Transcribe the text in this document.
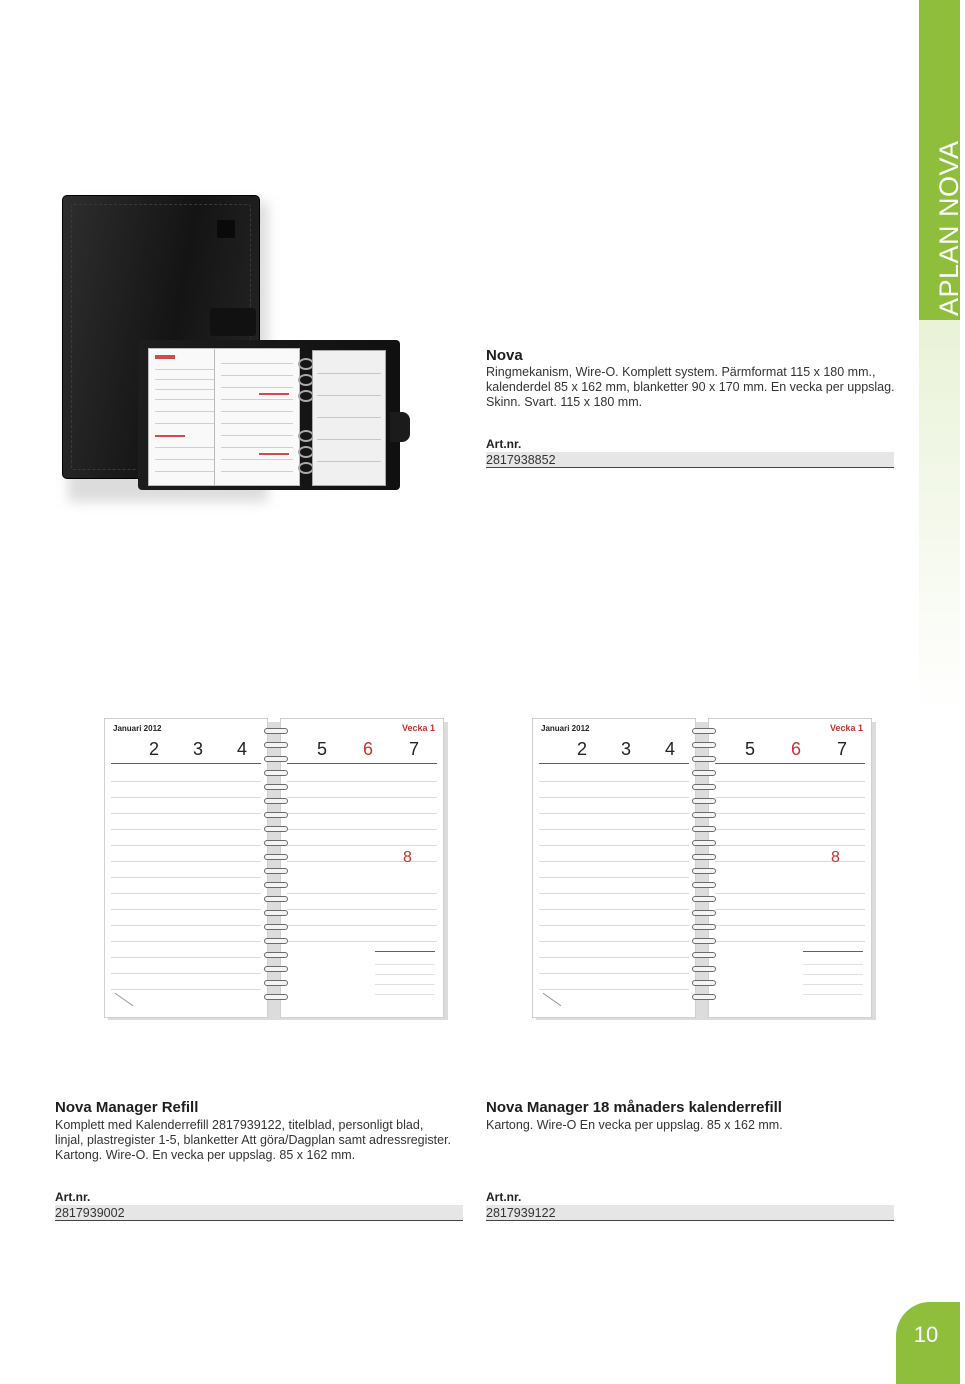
APLAN NOVA
Nova
Ringmekanism, Wire-O. Komplett system. Pärmformat 115 x 180 mm., kalenderdel 85 x 162 mm, blanketter 90 x 170 mm. En vecka per uppslag. Skinn. Svart. 115 x 180 mm.
Art.nr.
2817938852
Januari 2012
2 3 4
Vecka 1
5 6 7
8
Januari 2012
2 3 4
Vecka 1
5 6 7
8
Nova Manager Refill
Komplett med Kalenderrefill 2817939122, titelblad, personligt blad, linjal, plastregister 1-5, blanketter Att göra/Dagplan samt adressregister. Kartong. Wire-O. En vecka per uppslag. 85 x 162 mm.
Art.nr.
2817939002
Nova Manager 18 månaders kalenderrefill
Kartong. Wire-O En vecka per uppslag. 85 x 162 mm.
Art.nr.
2817939122
10
